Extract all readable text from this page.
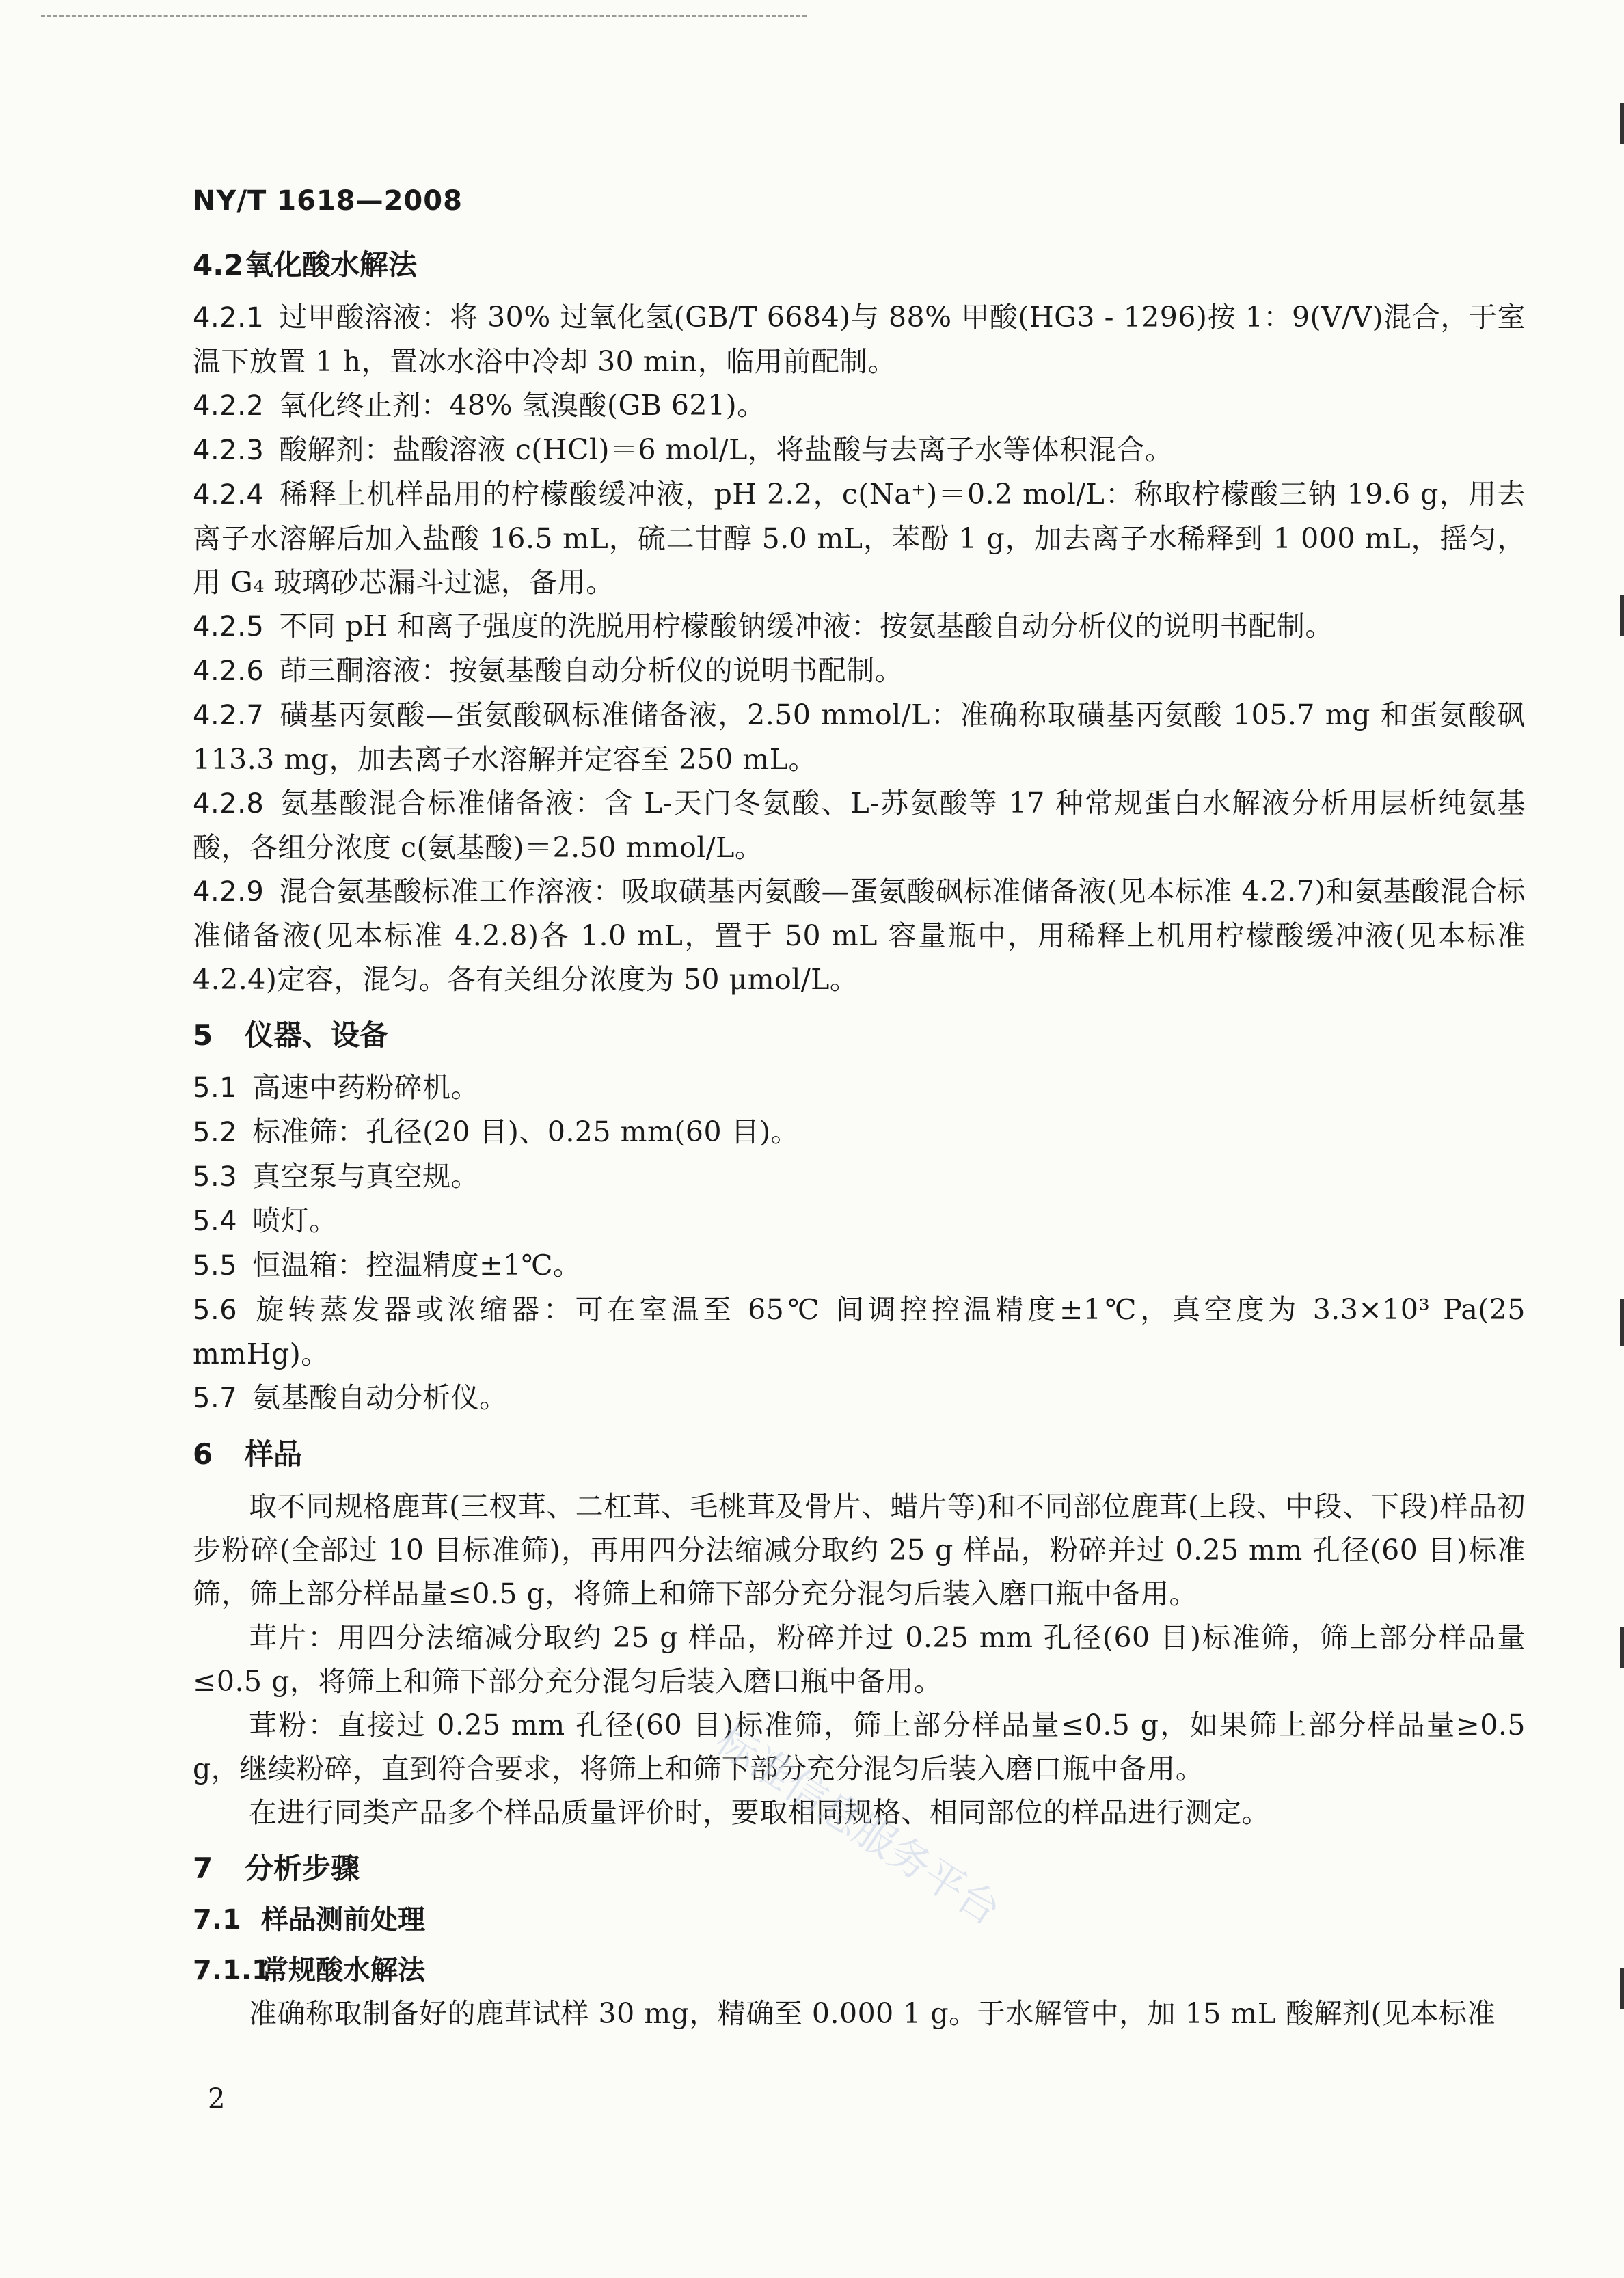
NY/T 1618—2008
4.2氧化酸水解法
4.2.1 过甲酸溶液：将 30% 过氧化氢(GB/T 6684)与 88% 甲酸(HG3 - 1296)按 1：9(V/V)混合，于室温下放置 1 h，置冰水浴中冷却 30 min，临用前配制。
4.2.2 氧化终止剂：48% 氢溴酸(GB 621)。
4.2.3 酸解剂：盐酸溶液 c(HCl)＝6 mol/L，将盐酸与去离子水等体积混合。
4.2.4 稀释上机样品用的柠檬酸缓冲液，pH 2.2，c(Na⁺)＝0.2 mol/L：称取柠檬酸三钠 19.6 g，用去离子水溶解后加入盐酸 16.5 mL，硫二甘醇 5.0 mL，苯酚 1 g，加去离子水稀释到 1 000 mL，摇匀，用 G₄ 玻璃砂芯漏斗过滤，备用。
4.2.5 不同 pH 和离子强度的洗脱用柠檬酸钠缓冲液：按氨基酸自动分析仪的说明书配制。
4.2.6 茚三酮溶液：按氨基酸自动分析仪的说明书配制。
4.2.7 磺基丙氨酸—蛋氨酸砜标准储备液，2.50 mmol/L：准确称取磺基丙氨酸 105.7 mg 和蛋氨酸砜 113.3 mg，加去离子水溶解并定容至 250 mL。
4.2.8 氨基酸混合标准储备液：含 L-天门冬氨酸、L-苏氨酸等 17 种常规蛋白水解液分析用层析纯氨基酸，各组分浓度 c(氨基酸)＝2.50 mmol/L。
4.2.9 混合氨基酸标准工作溶液：吸取磺基丙氨酸—蛋氨酸砜标准储备液(见本标准 4.2.7)和氨基酸混合标准储备液(见本标准 4.2.8)各 1.0 mL，置于 50 mL 容量瓶中，用稀释上机用柠檬酸缓冲液(见本标准 4.2.4)定容，混匀。各有关组分浓度为 50 μmol/L。
5 仪器、设备
5.1 高速中药粉碎机。
5.2 标准筛：孔径(20 目)、0.25 mm(60 目)。
5.3 真空泵与真空规。
5.4 喷灯。
5.5 恒温箱：控温精度±1℃。
5.6 旋转蒸发器或浓缩器：可在室温至 65℃ 间调控控温精度±1℃，真空度为 3.3×10³ Pa(25 mmHg)。
5.7 氨基酸自动分析仪。
6 样品
取不同规格鹿茸(三杈茸、二杠茸、毛桃茸及骨片、蜡片等)和不同部位鹿茸(上段、中段、下段)样品初步粉碎(全部过 10 目标准筛)，再用四分法缩减分取约 25 g 样品，粉碎并过 0.25 mm 孔径(60 目)标准筛，筛上部分样品量≤0.5 g，将筛上和筛下部分充分混匀后装入磨口瓶中备用。
茸片：用四分法缩减分取约 25 g 样品，粉碎并过 0.25 mm 孔径(60 目)标准筛，筛上部分样品量≤0.5 g，将筛上和筛下部分充分混匀后装入磨口瓶中备用。
茸粉：直接过 0.25 mm 孔径(60 目)标准筛，筛上部分样品量≤0.5 g，如果筛上部分样品量≥0.5 g，继续粉碎，直到符合要求，将筛上和筛下部分充分混匀后装入磨口瓶中备用。
在进行同类产品多个样品质量评价时，要取相同规格、相同部位的样品进行测定。
7 分析步骤
7.1 样品测前处理
7.1.1常规酸水解法
准确称取制备好的鹿茸试样 30 mg，精确至 0.000 1 g。于水解管中，加 15 mL 酸解剂(见本标准
标准信息服务平台
2
